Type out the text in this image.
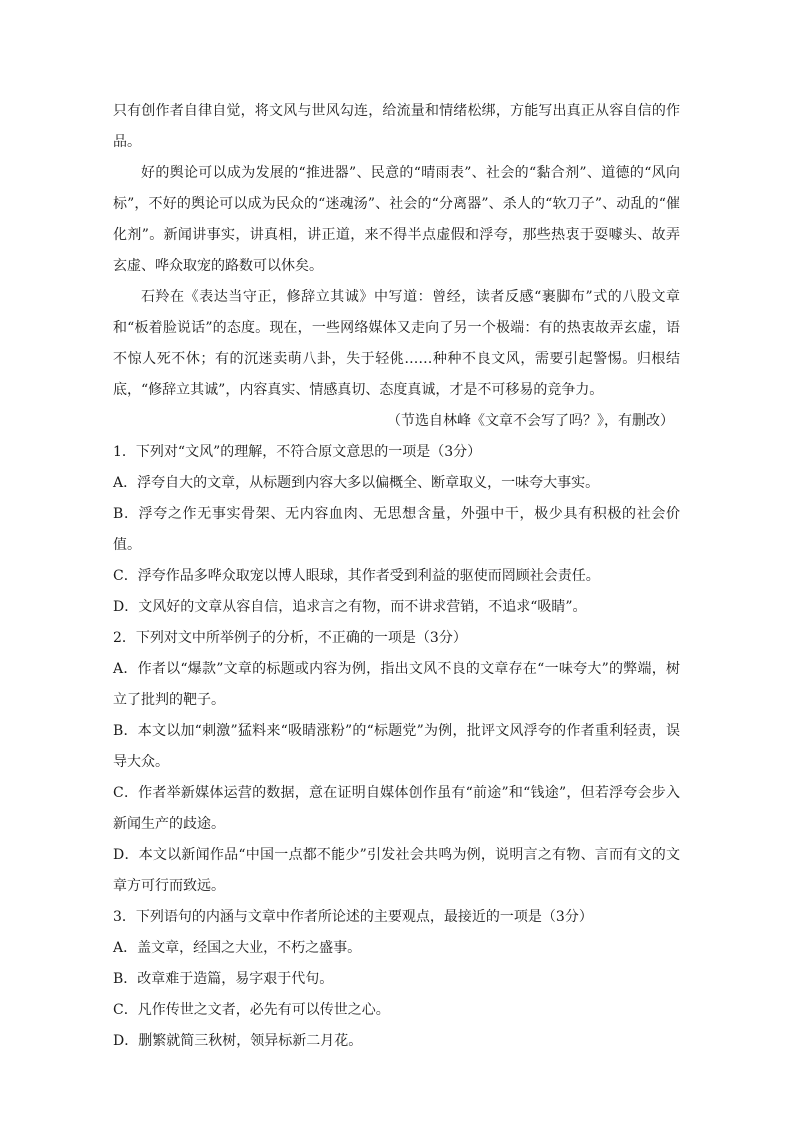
只有创作者自律自觉，将文风与世风勾连，给流量和情绪松绑，方能写出真正从容自信的作品。

好的舆论可以成为发展的“推进器”、民意的“晴雨表”、社会的“黏合剂”、道德的“风向标”，不好的舆论可以成为民众的“迷魂汤”、社会的“分离器”、杀人的“软刀子”、动乱的“催化剂”。新闻讲事实，讲真相，讲正道，来不得半点虚假和浮夸，那些热衷于耍噱头、故弄玄虚、哗众取宠的路数可以休矣。

石羚在《表达当守正，修辞立其诚》中写道：曾经，读者反感“裹脚布”式的八股文章和“板着脸说话”的态度。现在，一些网络媒体又走向了另一个极端：有的热衷故弄玄虚，语不惊人死不休；有的沉迷卖萌八卦，失于轻佻……种种不良文风，需要引起警惕。归根结底，“修辞立其诚”，内容真实、情感真切、态度真诚，才是不可移易的竞争力。

（节选自林峰《文章不会写了吗？》，有删改）

1．下列对“文风”的理解，不符合原文意思的一项是（3分）

A．浮夸自大的文章，从标题到内容大多以偏概全、断章取义，一味夸大事实。

B．浮夸之作无事实骨架、无内容血肉、无思想含量，外强中干，极少具有积极的社会价值。

C．浮夸作品多哗众取宠以博人眼球，其作者受到利益的驱使而罔顾社会责任。

D．文风好的文章从容自信，追求言之有物，而不讲求营销，不追求“吸睛”。

2．下列对文中所举例子的分析，不正确的一项是（3分）

A．作者以“爆款”文章的标题或内容为例，指出文风不良的文章存在“一味夸大”的弊端，树立了批判的靶子。

B．本文以加“刺激”猛料来“吸睛涨粉”的“标题党”为例，批评文风浮夸的作者重利轻责，误导大众。

C．作者举新媒体运营的数据，意在证明自媒体创作虽有“前途”和“钱途”，但若浮夸会步入新闻生产的歧途。

D．本文以新闻作品“中国一点都不能少”引发社会共鸣为例，说明言之有物、言而有文的文章方可行而致远。

3．下列语句的内涵与文章中作者所论述的主要观点，最接近的一项是（3分）

A．盖文章，经国之大业，不朽之盛事。

B．改章难于造篇，易字艰于代句。

C．凡作传世之文者，必先有可以传世之心。

D．删繁就简三秋树，领异标新二月花。
